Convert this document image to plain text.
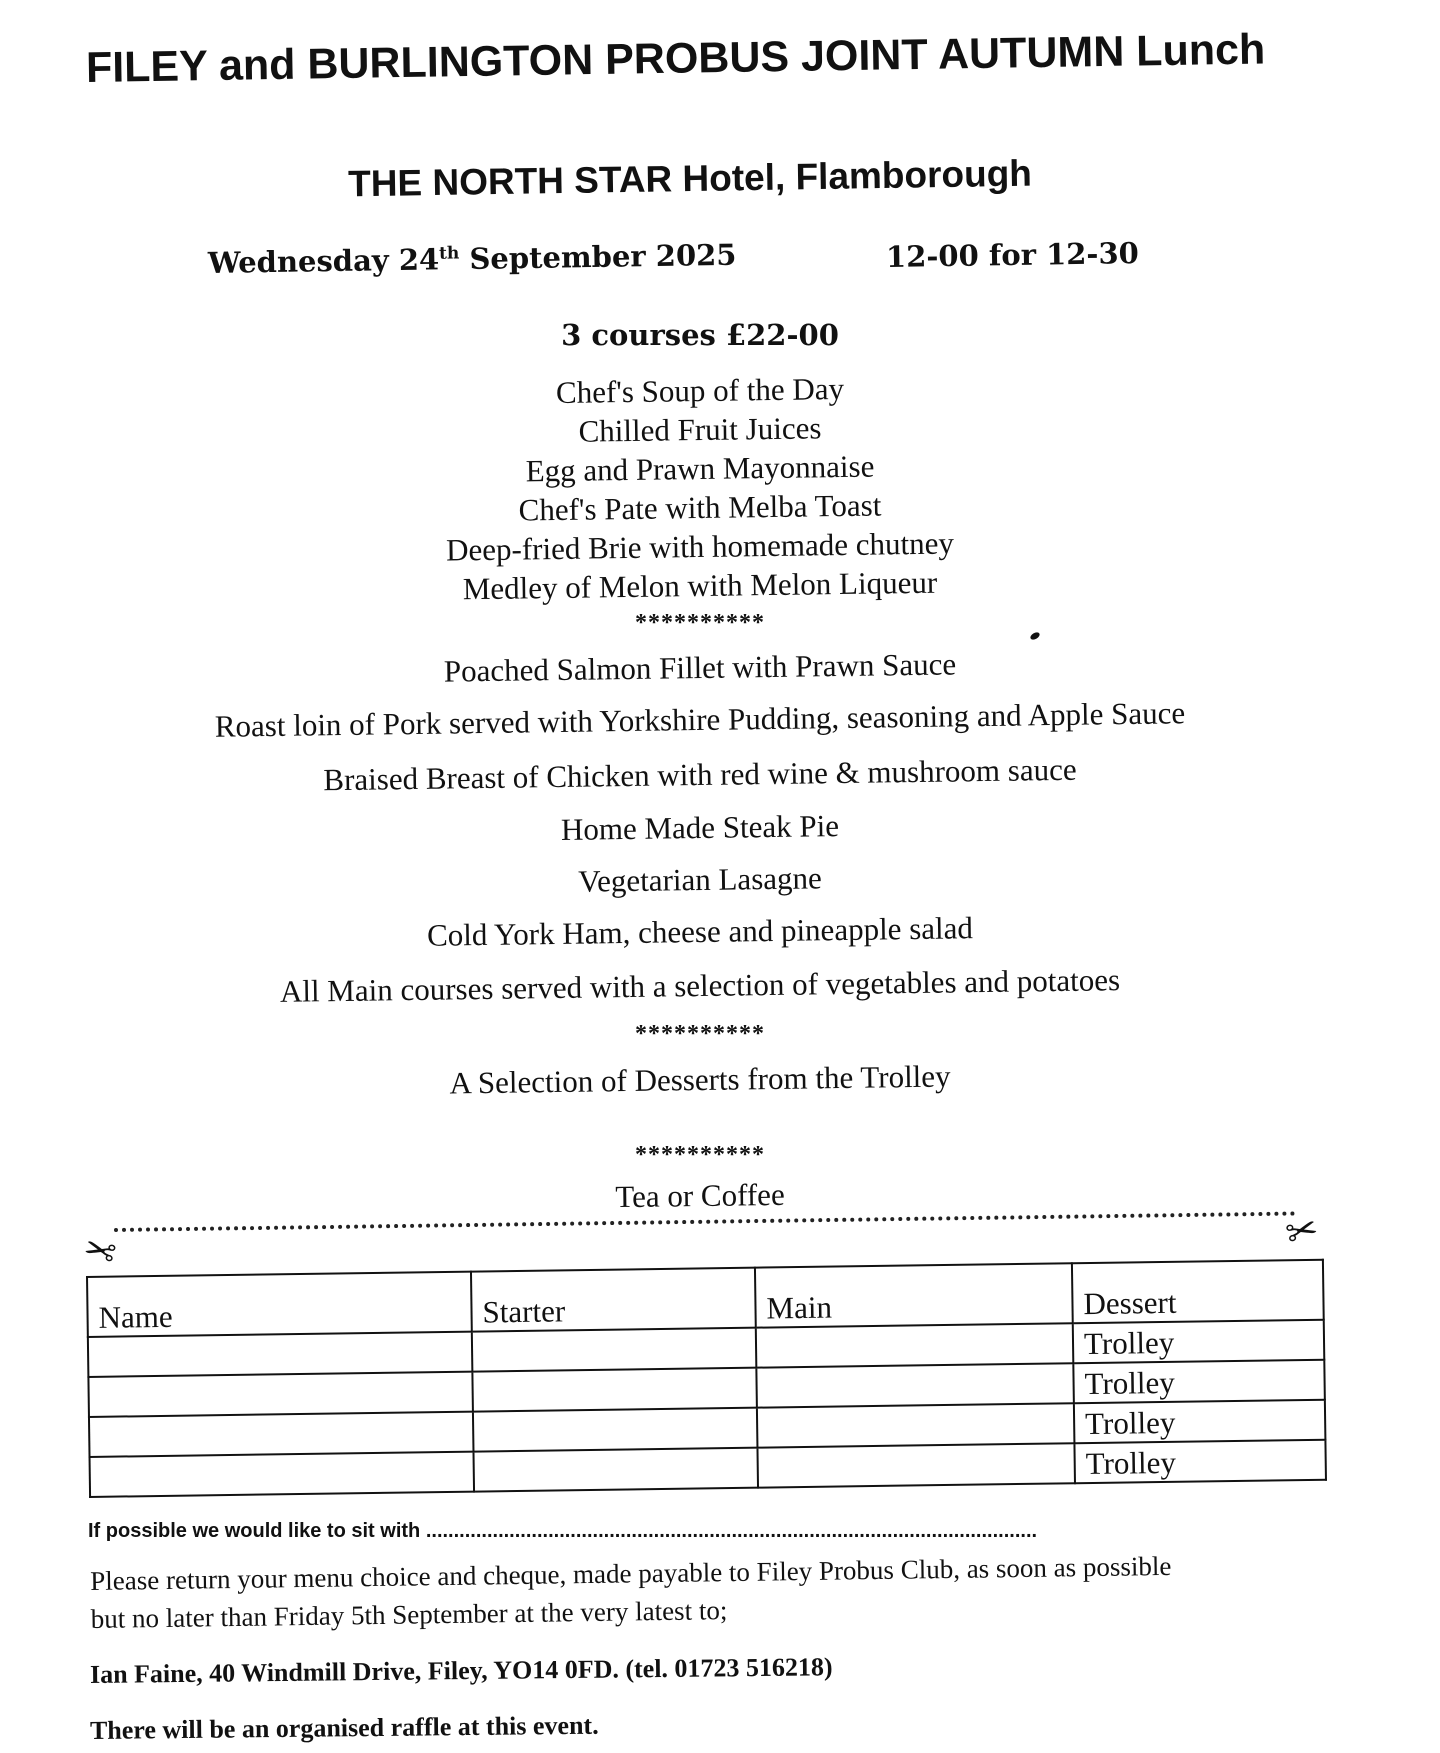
FILEY and BURLINGTON PROBUS JOINT AUTUMN Lunch
THE NORTH STAR Hotel, Flamborough
Wednesday 24th September 2025	12-00 for 12-30
3 courses £22-00
Chef's Soup of the Day
Chilled Fruit Juices
Egg and Prawn Mayonnaise
Chef's Pate with Melba Toast
Deep-fried Brie with homemade chutney
Medley of Melon with Melon Liqueur
**********
Poached Salmon Fillet with Prawn Sauce
Roast loin of Pork served with Yorkshire Pudding, seasoning and Apple Sauce
Braised Breast of Chicken with red wine & mushroom sauce
Home Made Steak Pie
Vegetarian Lasagne
Cold York Ham, cheese and pineapple salad
All Main courses served with a selection of vegetables and potatoes
**********
A Selection of Desserts from the Trolley
**********
Tea or Coffee
✂	✂
Name	Starter	Main	Dessert
			Trolley
			Trolley
			Trolley
			Trolley
If possible we would like to sit with ..............................................................................................................
Please return your menu choice and cheque, made payable to Filey Probus Club, as soon as possible
but no later than Friday 5th September at the very latest to;
Ian Faine, 40 Windmill Drive, Filey, YO14 0FD. (tel. 01723 516218)
There will be an organised raffle at this event.
